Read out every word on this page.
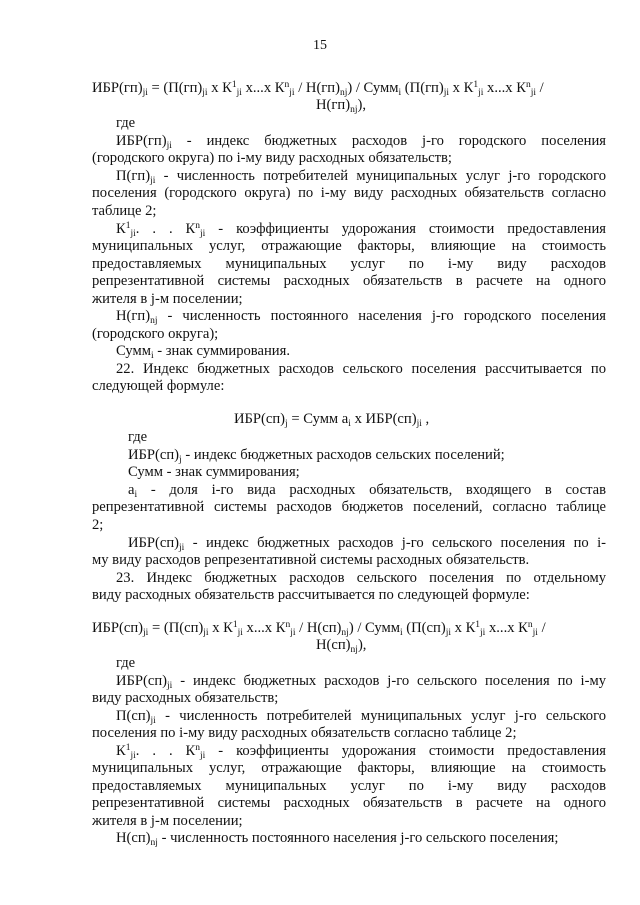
15
$ИБР(гп)_{ji} = (П(гп)_{ji}$ х $К^1_{ji}$ х...х $К^n_{ji} / Н(гп)_{nj}$) / Сумм$_i$ ($П(гп)_{ji}$ х $К^1_{ji}$ х...х $К^n_{ji}$ /
$Н(гп)_{nj}$),
где
$ИБР(гп)_{ji}$ - индекс бюджетных расходов j-го городского поселения
(городского округа) по i-му виду расходных обязательств;
$П(гп)_{ji}$ - численность потребителей муниципальных услуг j-го городского
поселения (городского округа) по i-му виду расходных обязательств согласно
таблице 2;
$К^1_{ji}$. . . $К^n_{ji}$ - коэффициенты удорожания стоимости предоставления
муниципальных услуг, отражающие факторы, влияющие на стоимость
предоставляемых муниципальных услуг по i-му виду расходов
репрезентативной системы расходных обязательств в расчете на одного
жителя в j-м поселении;
$Н(гп)_{nj}$ - численность постоянного населения j-го городского поселения
(городского округа);
Сумм$_i$ - знак суммирования.
22. Индекс бюджетных расходов сельского поселения рассчитывается по
следующей формуле:
$ИБР(сп)_j$ = Сумм $a_i$ х $ИБР(сп)_{ji}$ ,
где
$ИБР(сп)_j$ - индекс бюджетных расходов сельских поселений;
Сумм - знак суммирования;
$a_i$ - доля i-го вида расходных обязательств, входящего в состав
репрезентативной системы расходов бюджетов поселений, согласно таблице
2;
$ИБР(сп)_{ji}$ - индекс бюджетных расходов j-го сельского поселения по i-
му виду расходов репрезентативной системы расходных обязательств.
23. Индекс бюджетных расходов сельского поселения по отдельному
виду расходных обязательств рассчитывается по следующей формуле:
$ИБР(сп)_{ji} = (П(сп)_{ji}$ х $К^1_{ji}$ х...х $К^n_{ji} / Н(сп)_{nj}$) / Сумм$_i$ ($П(сп)_{ji}$ х $К^1_{ji}$ х...х $К^n_{ji}$ /
$Н(сп)_{nj}$),
где
$ИБР(сп)_{ji}$ - индекс бюджетных расходов j-го сельского поселения по i-му
виду расходных обязательств;
$П(сп)_{ji}$ - численность потребителей муниципальных услуг j-го сельского
поселения по i-му виду расходных обязательств согласно таблице 2;
$К^1_{ji}$. . . $К^n_{ji}$ - коэффициенты удорожания стоимости предоставления
муниципальных услуг, отражающие факторы, влияющие на стоимость
предоставляемых муниципальных услуг по i-му виду расходов
репрезентативной системы расходных обязательств в расчете на одного
жителя в j-м поселении;
$Н(сп)_{nj}$ - численность постоянного населения j-го сельского поселения;
